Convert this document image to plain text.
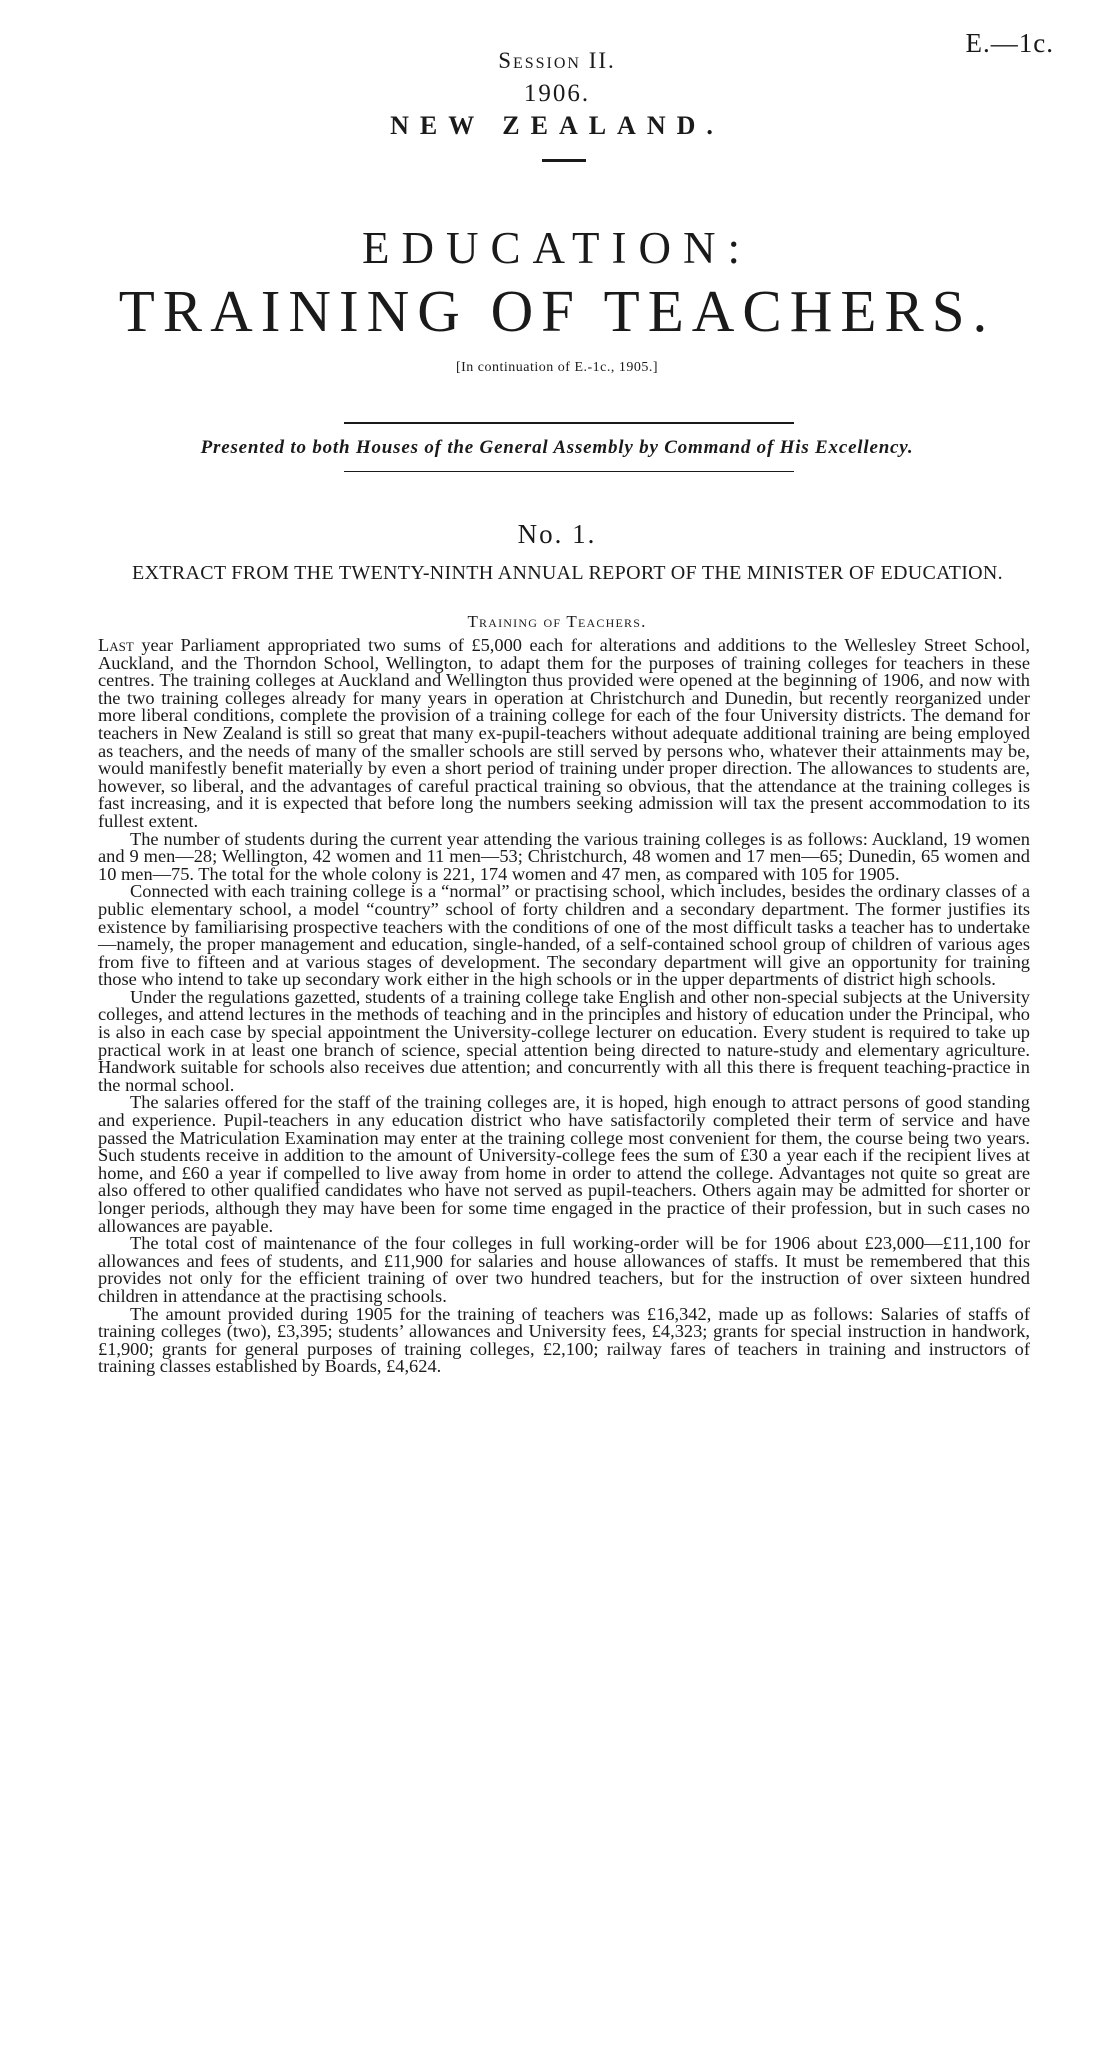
E.—1c.
Session II.
1906.
NEW ZEALAND.
EDUCATION:
TRAINING OF TEACHERS.
[In continuation of E.-1c., 1905.]
Presented to both Houses of the General Assembly by Command of His Excellency.
No. 1.
EXTRACT FROM THE TWENTY-NINTH ANNUAL REPORT OF THE MINISTER OF EDUCATION.
Training of Teachers.

Last year Parliament appropriated two sums of £5,000 each for alterations and additions to the Wellesley Street School, Auckland, and the Thorndon School, Wellington, to adapt them for the purposes of training colleges for teachers in these centres. The training colleges at Auckland and Wellington thus provided were opened at the beginning of 1906, and now with the two training colleges already for many years in operation at Christchurch and Dunedin, but recently reorganized under more liberal conditions, complete the provision of a training college for each of the four University districts. The demand for teachers in New Zealand is still so great that many ex-pupil-teachers without adequate additional training are being employed as teachers, and the needs of many of the smaller schools are still served by persons who, whatever their attainments may be, would manifestly benefit materially by even a short period of training under proper direction. The allowances to students are, however, so liberal, and the advantages of careful practical training so obvious, that the attendance at the training colleges is fast increasing, and it is expected that before long the numbers seeking admission will tax the present accommodation to its fullest extent.

The number of students during the current year attending the various training colleges is as follows: Auckland, 19 women and 9 men—28; Wellington, 42 women and 11 men—53; Christchurch, 48 women and 17 men—65; Dunedin, 65 women and 10 men—75. The total for the whole colony is 221, 174 women and 47 men, as compared with 105 for 1905.

Connected with each training college is a “normal” or practising school, which includes, besides the ordinary classes of a public elementary school, a model “country” school of forty children and a secondary department. The former justifies its existence by familiarising prospective teachers with the conditions of one of the most difficult tasks a teacher has to undertake—namely, the proper management and education, single-handed, of a self-contained school group of children of various ages from five to fifteen and at various stages of development. The secondary department will give an opportunity for training those who intend to take up secondary work either in the high schools or in the upper departments of district high schools.

Under the regulations gazetted, students of a training college take English and other non-special subjects at the University colleges, and attend lectures in the methods of teaching and in the principles and history of education under the Principal, who is also in each case by special appointment the University-college lecturer on education. Every student is required to take up practical work in at least one branch of science, special attention being directed to nature-study and elementary agriculture. Handwork suitable for schools also receives due attention; and concurrently with all this there is frequent teaching-practice in the normal school.

The salaries offered for the staff of the training colleges are, it is hoped, high enough to attract persons of good standing and experience. Pupil-teachers in any education district who have satisfactorily completed their term of service and have passed the Matriculation Examination may enter at the training college most convenient for them, the course being two years. Such students receive in addition to the amount of University-college fees the sum of £30 a year each if the recipient lives at home, and £60 a year if compelled to live away from home in order to attend the college. Advantages not quite so great are also offered to other qualified candidates who have not served as pupil-teachers. Others again may be admitted for shorter or longer periods, although they may have been for some time engaged in the practice of their profession, but in such cases no allowances are payable.

The total cost of maintenance of the four colleges in full working-order will be for 1906 about £23,000—£11,100 for allowances and fees of students, and £11,900 for salaries and house allowances of staffs. It must be remembered that this provides not only for the efficient training of over two hundred teachers, but for the instruction of over sixteen hundred children in attendance at the practising schools.

The amount provided during 1905 for the training of teachers was £16,342, made up as follows: Salaries of staffs of training colleges (two), £3,395; students’ allowances and University fees, £4,323; grants for special instruction in handwork, £1,900; grants for general purposes of training colleges, £2,100; railway fares of teachers in training and instructors of training classes established by Boards, £4,624.
